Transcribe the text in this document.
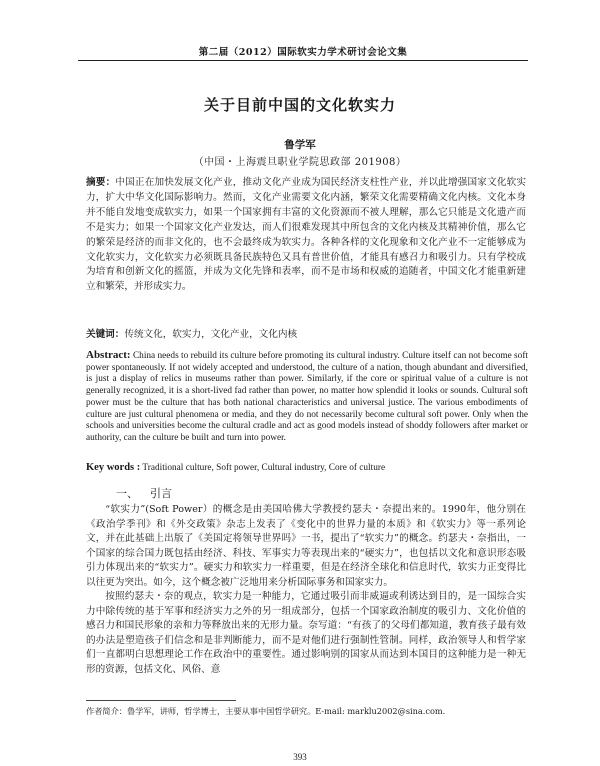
第二届（2012）国际软实力学术研讨会论文集
关于目前中国的文化软实力
鲁学军
（中国・上海震旦职业学院思政部 201908）
摘要：中国正在加快发展文化产业，推动文化产业成为国民经济支柱性产业，并以此增强国家文化软实力，扩大中华文化国际影响力。然而，文化产业需要文化内涵，繁荣文化需要精确文化内核。文化本身并不能自发地变成软实力，如果一个国家拥有丰富的文化资源而不被人理解，那么它只能是文化遗产而不是实力；如果一个国家文化产业发达，而人们很难发现其中所包含的文化内核及其精神价值，那么它的繁荣是经济的而非文化的，也不会最终成为软实力。各种各样的文化现象和文化产业不一定能够成为文化软实力，文化软实力必须既具备民族特色又具有普世价值，才能具有感召力和吸引力。只有学校成为培育和创新文化的摇篮，并成为文化先锋和表率，而不是市场和权威的追随者，中国文化才能重新建立和繁荣，并形成实力。
关键词：传统文化，软实力，文化产业，文化内核
Abstract: China needs to rebuild its culture before promoting its cultural industry. Culture itself can not become soft power spontaneously. If not widely accepted and understood, the culture of a nation, though abundant and diversified, is just a display of relics in museums rather than power. Similarly, if the core or spiritual value of a culture is not generally recognized, it is a short-lived fad rather than power, no matter how splendid it looks or sounds. Cultural soft power must be the culture that has both national characteristics and universal justice. The various embodiments of culture are just cultural phenomena or media, and they do not necessarily become cultural soft power. Only when the schools and universities become the cultural cradle and act as good models instead of shoddy followers after market or authority, can the culture be built and turn into power.
Key words : Traditional culture, Soft power, Cultural industry, Core of culture
一、 引言
“软实力”(Soft Power）的概念是由美国哈佛大学教授约瑟夫・奈提出来的。1990年，他分别在《政治学季刊》和《外交政策》杂志上发表了《变化中的世界力量的本质》和《软实力》等一系列论文，并在此基础上出版了《美国定将领导世界吗》一书，提出了“软实力”的概念。约瑟夫・奈指出，一个国家的综合国力既包括由经济、科技、军事实力等表现出来的“硬实力”，也包括以文化和意识形态吸引力体现出来的“软实力”。硬实力和软实力一样重要，但是在经济全球化和信息时代，软实力正变得比以往更为突出。如今，这个概念被广泛地用来分析国际事务和国家实力。
按照约瑟夫・奈的观点，软实力是一种能力，它通过吸引而非威逼或利诱达到目的，是一国综合实力中除传统的基于军事和经济实力之外的另一组成部分，包括一个国家政治制度的吸引力、文化价值的感召力和国民形象的亲和力等释放出来的无形力量。奈写道：“有孩了的父母们都知道，教育孩子最有效的办法是塑造孩子们信念和是非判断能力，而不是对他们进行强制性管制。同样，政治领导人和哲学家们一直都明白思想理论工作在政治中的重要性。通过影响别的国家从而达到本国目的这种能力是一种无形的资源，包括文化、风俗、意
作者简介：鲁学军，讲师，哲学博士，主要从事中国哲学研究。E-mail: marklu2002@sina.com.
393
